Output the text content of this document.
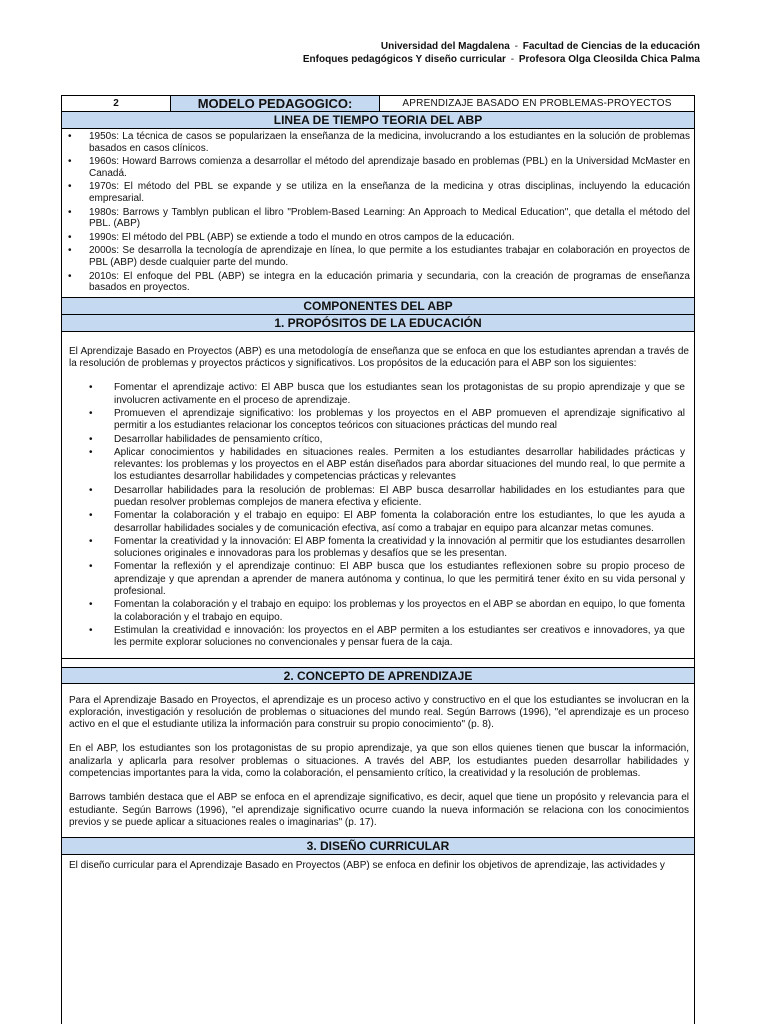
Universidad del Magdalena - Facultad de Ciencias de la educación
Enfoques pedagógicos Y diseño curricular - Profesora Olga Cleosilda Chica Palma
2	MODELO PEDAGOGICO:	APRENDIZAJE BASADO EN PROBLEMAS-PROYECTOS
LINEA DE TIEMPO TEORIA DEL ABP
• 1950s: La técnica de casos se popularizaen la enseñanza de la medicina, involucrando a los estudiantes en la solución de problemas basados en casos clínicos.
• 1960s: Howard Barrows comienza a desarrollar el método del aprendizaje basado en problemas (PBL) en la Universidad McMaster en Canadá.
• 1970s: El método del PBL se expande y se utiliza en la enseñanza de la medicina y otras disciplinas, incluyendo la educación empresarial.
• 1980s: Barrows y Tamblyn publican el libro "Problem-Based Learning: An Approach to Medical Education", que detalla el método del PBL. (ABP)
• 1990s: El método del PBL (ABP) se extiende a todo el mundo en otros campos de la educación.
• 2000s: Se desarrolla la tecnología de aprendizaje en línea, lo que permite a los estudiantes trabajar en colaboración en proyectos de PBL (ABP) desde cualquier parte del mundo.
• 2010s: El enfoque del PBL (ABP) se integra en la educación primaria y secundaria, con la creación de programas de enseñanza basados en proyectos.
COMPONENTES DEL ABP
1. PROPÓSITOS DE LA EDUCACIÓN

El Aprendizaje Basado en Proyectos (ABP) es una metodología de enseñanza que se enfoca en que los estudiantes aprendan a través de la resolución de problemas y proyectos prácticos y significativos. Los propósitos de la educación para el ABP son los siguientes:

• Fomentar el aprendizaje activo: El ABP busca que los estudiantes sean los protagonistas de su propio aprendizaje y que se involucren activamente en el proceso de aprendizaje.
• Promueven el aprendizaje significativo: los problemas y los proyectos en el ABP promueven el aprendizaje significativo al permitir a los estudiantes relacionar los conceptos teóricos con situaciones prácticas del mundo real
• Desarrollar habilidades de pensamiento crítico,
• Aplicar conocimientos y habilidades en situaciones reales. Permiten a los estudiantes desarrollar habilidades prácticas y relevantes: los problemas y los proyectos en el ABP están diseñados para abordar situaciones del mundo real, lo que permite a los estudiantes desarrollar habilidades y competencias prácticas y relevantes
• Desarrollar habilidades para la resolución de problemas: El ABP busca desarrollar habilidades en los estudiantes para que puedan resolver problemas complejos de manera efectiva y eficiente.
• Fomentar la colaboración y el trabajo en equipo: El ABP fomenta la colaboración entre los estudiantes, lo que les ayuda a desarrollar habilidades sociales y de comunicación efectiva, así como a trabajar en equipo para alcanzar metas comunes.
• Fomentar la creatividad y la innovación: El ABP fomenta la creatividad y la innovación al permitir que los estudiantes desarrollen soluciones originales e innovadoras para los problemas y desafíos que se les presentan.
• Fomentar la reflexión y el aprendizaje continuo: El ABP busca que los estudiantes reflexionen sobre su propio proceso de aprendizaje y que aprendan a aprender de manera autónoma y continua, lo que les permitirá tener éxito en su vida personal y profesional.
• Fomentan la colaboración y el trabajo en equipo: los problemas y los proyectos en el ABP se abordan en equipo, lo que fomenta la colaboración y el trabajo en equipo.
• Estimulan la creatividad e innovación: los proyectos en el ABP permiten a los estudiantes ser creativos e innovadores, ya que les permite explorar soluciones no convencionales y pensar fuera de la caja.
2. CONCEPTO DE APRENDIZAJE

Para el Aprendizaje Basado en Proyectos, el aprendizaje es un proceso activo y constructivo en el que los estudiantes se involucran en la exploración, investigación y resolución de problemas o situaciones del mundo real. Según Barrows (1996), "el aprendizaje es un proceso activo en el que el estudiante utiliza la información para construir su propio conocimiento" (p. 8).

En el ABP, los estudiantes son los protagonistas de su propio aprendizaje, ya que son ellos quienes tienen que buscar la información, analizarla y aplicarla para resolver problemas o situaciones. A través del ABP, los estudiantes pueden desarrollar habilidades y competencias importantes para la vida, como la colaboración, el pensamiento crítico, la creatividad y la resolución de problemas.

Barrows también destaca que el ABP se enfoca en el aprendizaje significativo, es decir, aquel que tiene un propósito y relevancia para el estudiante. Según Barrows (1996), "el aprendizaje significativo ocurre cuando la nueva información se relaciona con los conocimientos previos y se puede aplicar a situaciones reales o imaginarias" (p. 17).

3. DISEÑO CURRICULAR

El diseño curricular para el Aprendizaje Basado en Proyectos (ABP) se enfoca en definir los objetivos de aprendizaje, las actividades y
